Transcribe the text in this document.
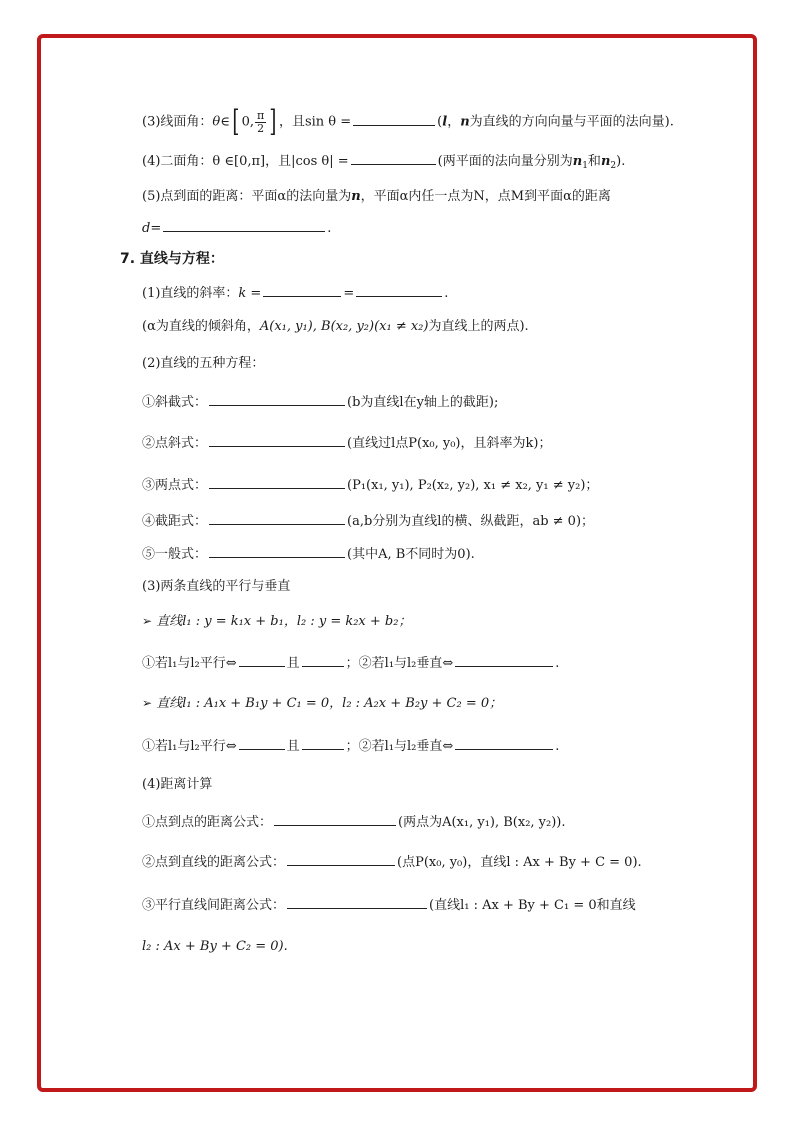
(3)线面角：θ∈[ 0, $\frac{\pi}{2}$ ] ，且sin θ =	(l，n为直线的方向向量与平面的法向量).
(4)二面角：θ ∈[0,π]，且|cos θ| =	(两平面的法向量分别为$n_1$和$n_2$).
(5)点到面的距离：平面α的法向量为n，平面α内任一点为N，点M到平面α的距离
d=	.
7. 直线与方程：
(1)直线的斜率：k =	=	.
(α为直线的倾斜角，A(x₁, y₁), B(x₂, y₂)(x₁ ≠ x₂)为直线上的两点).
(2)直线的五种方程：
①斜截式：	(b为直线l在y轴上的截距);
②点斜式：	(直线过l点P(x₀, y₀)，且斜率为k)；
③两点式：	(P₁(x₁, y₁), P₂(x₂, y₂), x₁ ≠ x₂, y₁ ≠ y₂)；
④截距式：	(a,b分别为直线l的横、纵截距，ab ≠ 0)；
⑤一般式：	(其中A, B不同时为0).
(3)两条直线的平行与垂直
➢ 直线l₁ : y = k₁x + b₁，l₂ : y = k₂x + b₂；
①若l₁与l₂平行⇔	且	；②若l₁与l₂垂直⇔	.
➢ 直线l₁ : A₁x + B₁y + C₁ = 0，l₂ : A₂x + B₂y + C₂ = 0；
①若l₁与l₂平行⇔	且	；②若l₁与l₂垂直⇔	.
(4)距离计算
①点到点的距离公式：	(两点为A(x₁, y₁), B(x₂, y₂)).
②点到直线的距离公式：	(点P(x₀, y₀)，直线l : Ax + By + C = 0).
③平行直线间距离公式：	(直线l₁ : Ax + By + C₁ = 0和直线
l₂ : Ax + By + C₂ = 0).
